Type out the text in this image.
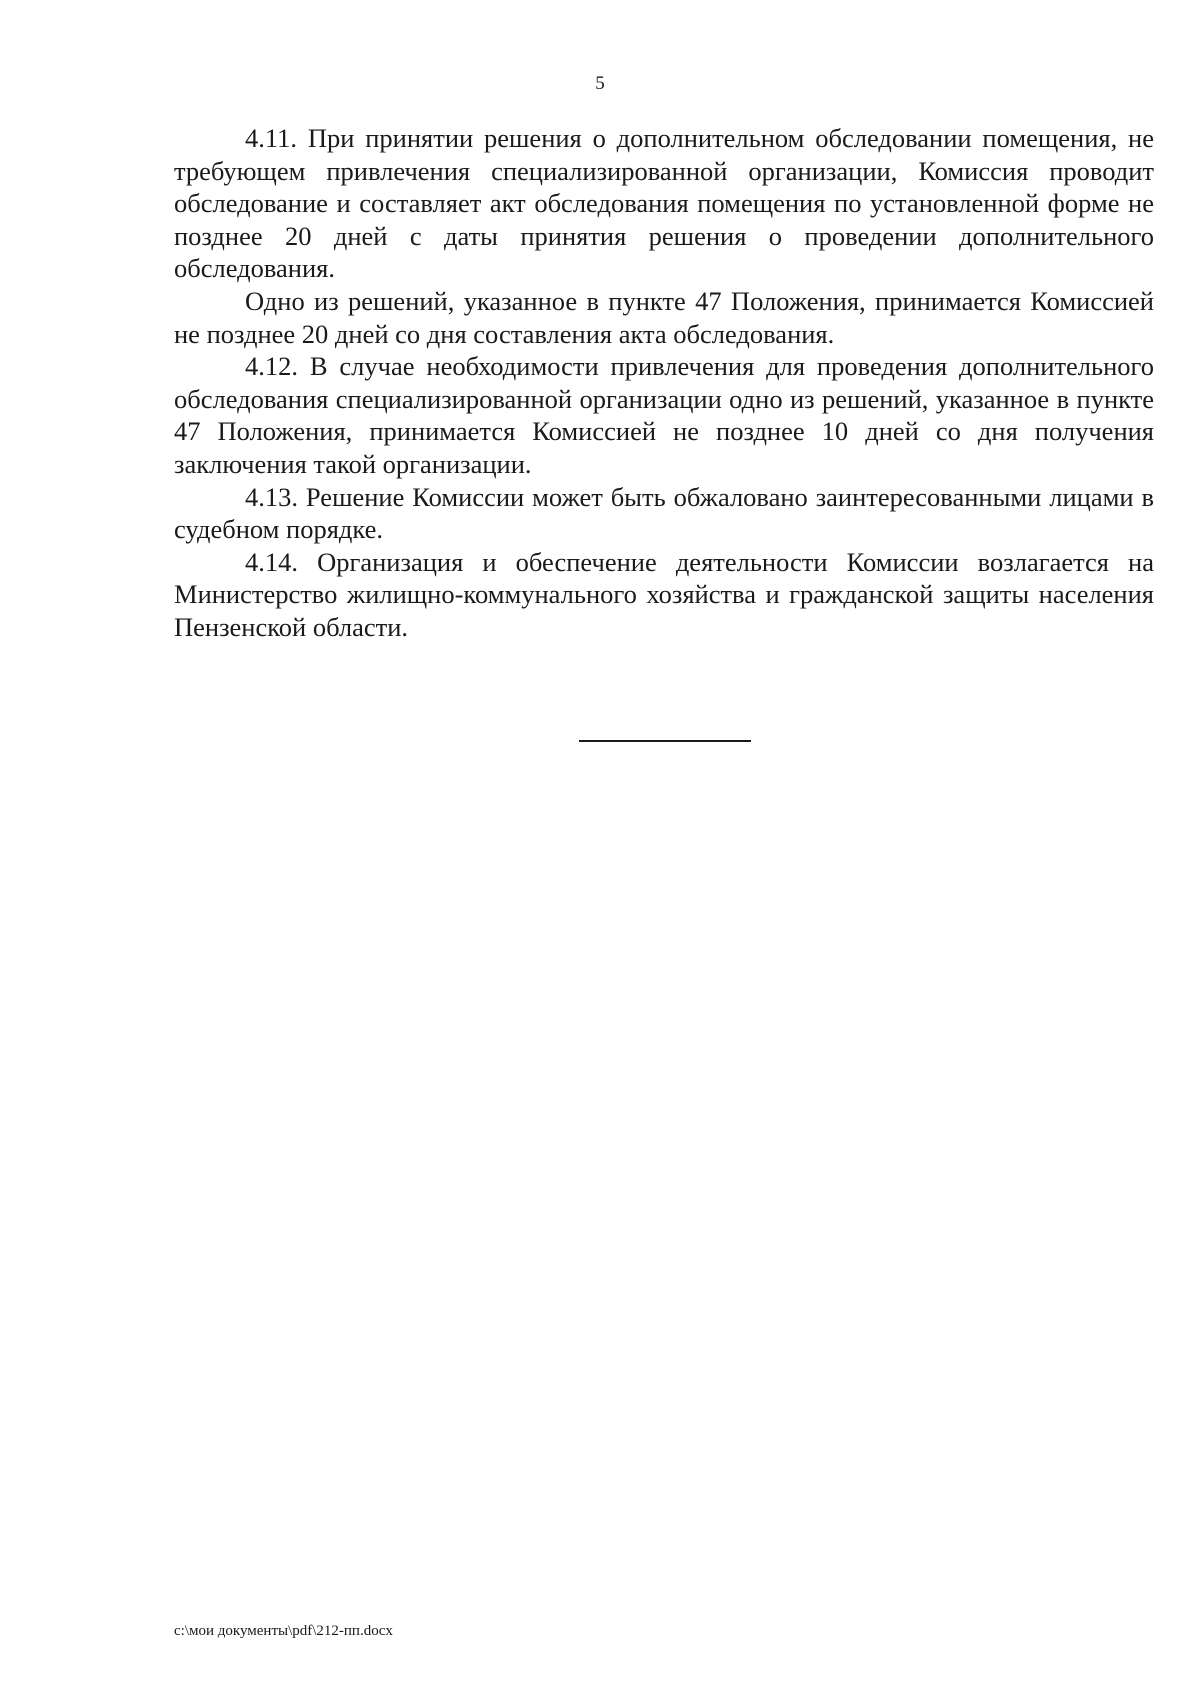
5

4.11. При принятии решения о дополнительном обследовании помещения, не требующем привлечения специализированной организации, Комиссия проводит обследование и составляет акт обследования помещения по установленной форме не позднее 20 дней с даты принятия решения о проведении дополнительного обследования.

Одно из решений, указанное в пункте 47 Положения, принимается Комиссией не позднее 20 дней со дня составления акта обследования.

4.12. В случае необходимости привлечения для проведения дополнительного обследования специализированной организации одно из решений, указанное в пункте 47 Положения, принимается Комиссией не позднее 10 дней со дня получения заключения такой организации.

4.13. Решение Комиссии может быть обжаловано заинтересованными лицами в судебном порядке.

4.14. Организация и обеспечение деятельности Комиссии возлагается на Министерство жилищно-коммунального хозяйства и гражданской защиты населения Пензенской области.

c:\мои документы\pdf\212-пп.docx
